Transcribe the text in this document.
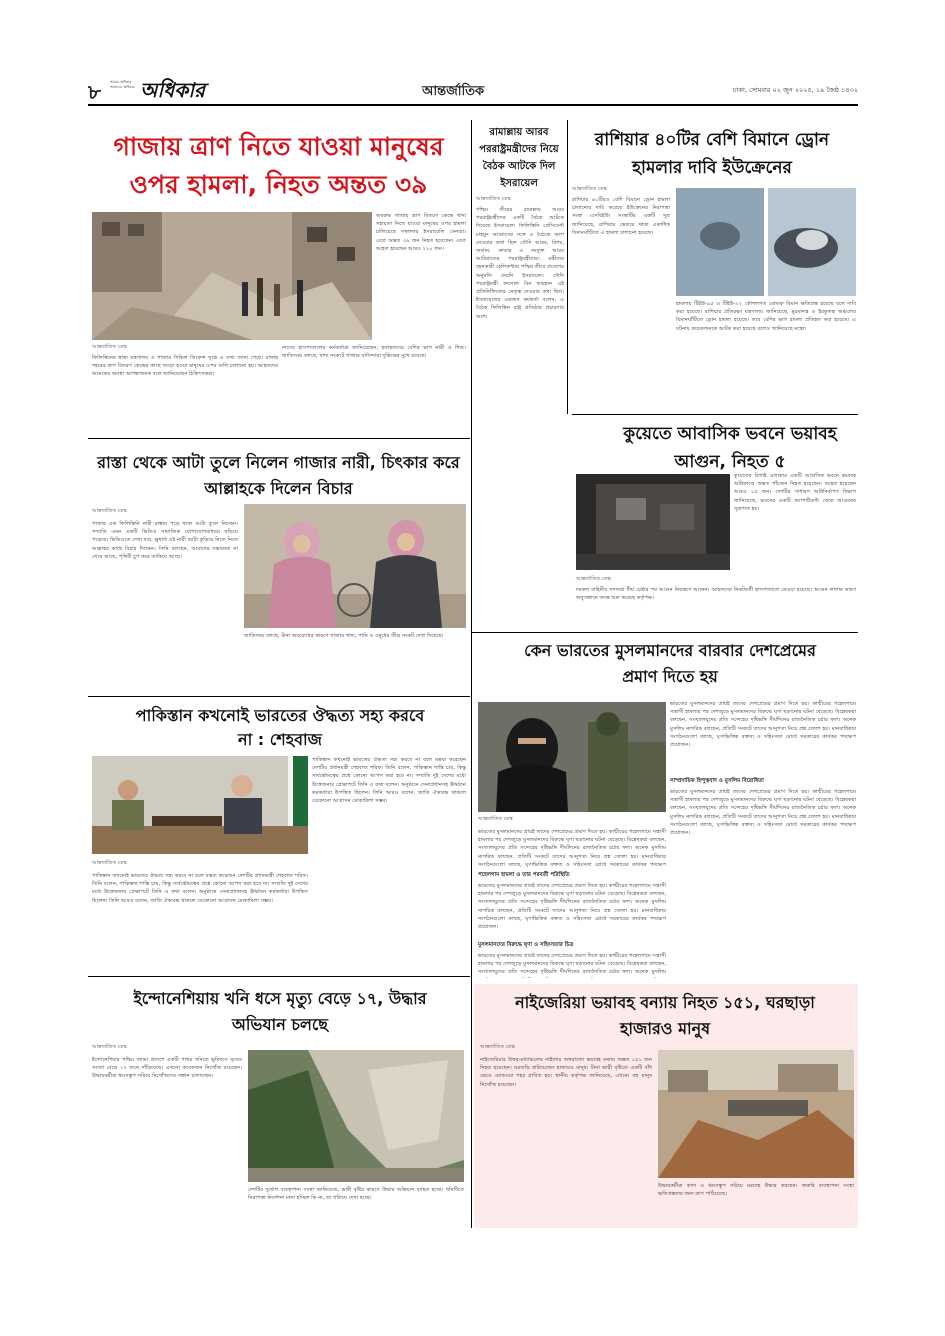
৮	আমার অধিকার আমাদের অধিকার অধিকার	আন্তর্জাতিক	ঢাকা, সোমবার ০২ জুন ২০২৫, ১৯ জৈষ্ঠ ১৪৩২
গাজায় ত্রাণ নিতে যাওয়া মানুষের ওপর হামলা, নিহত অন্তত ৩৯
অবরুদ্ধ গাজায় ত্রাণ বিতরণ কেন্দ্রে খাদ্য সহায়তা নিতে যাওয়া মানুষের ওপর হামলা চালিয়েছে দখলদার ইসরায়েলি সেনারা। এতে অন্তত ৩৯ জন নিহত হয়েছেন। এতে আহত হয়েছেন আরও ২২০ জন।
আন্তর্জাতিক ডেস্ক
ফিলিস্তিনের স্বাস্থ্য মন্ত্রণালয় ও গাজার সিভিল ডিফেন্স সূত্রে এ তথ্য জানা গেছে। রাফাহ শহরের ত্রাণ বিতরণ কেন্দ্রের কাছে জড়ো হওয়া মানুষের ওপর গুলি চালানো হয়। আহতদের অনেকের অবস্থা আশঙ্কাজনক বলে জানিয়েছেন চিকিৎসকরা।
নাসের হাসপাতালের কর্মকর্তারা জানিয়েছেন, হতাহতদের বেশির ভাগ নারী ও শিশু। জাতিসংঘ বলছে, খাদ্য সংকটে গাজার বাসিন্দারা দুর্ভিক্ষের মুখে রয়েছে।
রাস্তা থেকে আটা তুলে নিলেন গাজার নারী, চিৎকার করে আল্লাহকে দিলেন বিচার
আন্তর্জাতিক ডেস্ক
গাজার এক ফিলিস্তিনি নারী রাস্তায় পড়ে থাকা আটা তুলে নিচ্ছেন। সম্প্রতি এমন একটি ভিডিও সামাজিক যোগাযোগমাধ্যমে ছড়িয়ে পড়েছে। ভিডিওতে দেখা যায়, ক্ষুধার্ত ওই নারী আটা কুড়িয়ে নিতে নিতে আল্লাহর কাছে বিচার দিচ্ছেন। তিনি বলছেন, আমাদের সন্তানেরা না খেয়ে আছে, পৃথিবী চুপ করে তাকিয়ে আছে।
জাতিসংঘ বলছে, টানা অবরোধের কারণে গাজায় খাদ্য, পানি ও ওষুধের তীব্র সংকট দেখা দিয়েছে।
পাকিস্তান কখনোই ভারতের ঔদ্ধত্য সহ্য করবে না : শেহবাজ
আন্তর্জাতিক ডেস্ক
পাকিস্তান কখনোই ভারতের ঔদ্ধত্য সহ্য করবে না বলে মন্তব্য করেছেন দেশটির প্রধানমন্ত্রী শেহবাজ শরিফ। তিনি বলেন, পাকিস্তান শান্তি চায়, কিন্তু সার্বভৌমত্বের প্রশ্নে কোনো আপস করা হবে না। সম্প্রতি দুই দেশের মধ্যে উত্তেজনার প্রেক্ষাপটে তিনি এ কথা বলেন। অনুষ্ঠানে সেনাপ্রধানসহ ঊর্ধ্বতন কর্মকর্তারা উপস্থিত ছিলেন। তিনি আরও বলেন, জাতি ঐক্যবদ্ধ থাকলে যেকোনো আগ্রাসন মোকাবিলা সম্ভব।
পাকিস্তান কখনোই ভারতের ঔদ্ধত্য সহ্য করবে না বলে মন্তব্য করেছেন দেশটির প্রধানমন্ত্রী শেহবাজ শরিফ। তিনি বলেন, পাকিস্তান শান্তি চায়, কিন্তু সার্বভৌমত্বের প্রশ্নে কোনো আপস করা হবে না। সম্প্রতি দুই দেশের মধ্যে উত্তেজনার প্রেক্ষাপটে তিনি এ কথা বলেন। অনুষ্ঠানে সেনাপ্রধানসহ ঊর্ধ্বতন কর্মকর্তারা উপস্থিত ছিলেন। তিনি আরও বলেন, জাতি ঐক্যবদ্ধ থাকলে যেকোনো আগ্রাসন মোকাবিলা সম্ভব।
রামাল্লায় আরব পররাষ্ট্রমন্ত্রীদের নিয়ে বৈঠক আটকে দিল ইসরায়েল
আন্তর্জাতিক ডেস্ক
পশ্চিম তীরের রামাল্লায় আরব পররাষ্ট্রমন্ত্রীদের একটি বৈঠক আটকে দিয়েছে ইসরায়েল। ফিলিস্তিনি প্রেসিডেন্ট মাহমুদ আব্বাসের সঙ্গে এ বৈঠকে অংশ নেওয়ার কথা ছিল সৌদি আরব, মিশর, জর্ডান, কাতার ও সংযুক্ত আরব আমিরাতের পররাষ্ট্রমন্ত্রীদের। মন্ত্রীদের বহনকারী হেলিকপ্টার পশ্চিম তীরে প্রবেশের অনুমতি দেয়নি ইসরায়েল। সৌদি পররাষ্ট্রমন্ত্রী ফয়সাল বিন ফারহান এই প্রতিনিধিদলের নেতৃত্ব দেওয়ার কথা ছিল। ইসরায়েলের একজন কর্মকর্তা বলেন, এ বৈঠক ফিলিস্তিন রাষ্ট্র প্রতিষ্ঠার প্রচারণার অংশ।
রাশিয়ার ৪০টির বেশি বিমানে ড্রোন হামলার দাবি ইউক্রেনের
আন্তর্জাতিক ডেস্ক
রাশিয়ার ৪০টিরও বেশি বিমানে ড্রোন হামলা চালানোর দাবি করেছে ইউক্রেনের নিরাপত্তা সংস্থা এসবিইউ। সংস্থাটির একটি সূত্র জানিয়েছে, রাশিয়ার ভেতরে থাকা একাধিক বিমানঘাঁটিতে এ হামলা চালানো হয়েছে।
হামলায় টিইউ-৯৫ ও টিইউ-২২ কৌশলগত বোমারু বিমান ক্ষতিগ্রস্ত হয়েছে বলে দাবি করা হয়েছে। রাশিয়ার প্রতিরক্ষা মন্ত্রণালয় জানিয়েছে, মুরমানস্ক ও ইরকুতস্ক অঞ্চলের বিমানঘাঁটিতে ড্রোন হামলা হয়েছে। তবে বেশির ভাগ হামলা প্রতিহত করা হয়েছে। এ ঘটনায় কয়েকজনকে আটক করা হয়েছে বলেও জানিয়েছে মস্কো।
কুয়েতে আবাসিক ভবনে ভয়াবহ আগুন, নিহত ৫
কুয়েতের রিগাই এলাকার একটি আবাসিক ভবনে ভয়াবহ অগ্নিকাণ্ডে অন্তত পাঁচজন নিহত হয়েছেন। আহত হয়েছেন আরও ১৫ জন। দেশটির সাধারণ অগ্নিনির্বাপণ বিভাগ জানিয়েছে, ভবনের একটি অ্যাপার্টমেন্ট থেকে আগুনের সূত্রপাত হয়।
আন্তর্জাতিক ডেস্ক
দমকল বাহিনীর সদস্যরা দীর্ঘ চেষ্টার পর আগুন নিয়ন্ত্রণে আনেন। আহতদের নিকটবর্তী হাসপাতালে নেওয়া হয়েছে। আগুন লাগার কারণ অনুসন্ধানে তদন্ত শুরু করেছে কর্তৃপক্ষ।
কেন ভারতের মুসলমানদের বারবার দেশপ্রেমের প্রমাণ দিতে হয়
ভারতের মুসলমানদের প্রায়ই তাদের দেশপ্রেমের প্রমাণ দিতে হয়। কাশ্মীরের পহেলগামে সন্ত্রাসী হামলার পর দেশজুড়ে মুসলমানদের বিরুদ্ধে ঘৃণা ছড়ানোর ঘটনা বেড়েছে। বিশ্লেষকরা বলছেন, সংখ্যালঘুদের প্রতি সন্দেহের দৃষ্টিভঙ্গি দীর্ঘদিনের রাজনৈতিক চর্চার ফল। অনেক মুসলিম নাগরিক বলছেন, প্রতিটি সংকটে তাদের আনুগত্য নিয়ে প্রশ্ন তোলা হয়। মানবাধিকার সংগঠনগুলো বলছে, ঘৃণাভিত্তিক বক্তব্য ও সহিংসতা রোধে সরকারের কার্যকর পদক্ষেপ প্রয়োজন।
সাম্প্রদায়িক হিন্দুত্ববাদ ও মুসলিম বিরোধিতা
ভারতের মুসলমানদের প্রায়ই তাদের দেশপ্রেমের প্রমাণ দিতে হয়। কাশ্মীরের পহেলগামে সন্ত্রাসী হামলার পর দেশজুড়ে মুসলমানদের বিরুদ্ধে ঘৃণা ছড়ানোর ঘটনা বেড়েছে। বিশ্লেষকরা বলছেন, সংখ্যালঘুদের প্রতি সন্দেহের দৃষ্টিভঙ্গি দীর্ঘদিনের রাজনৈতিক চর্চার ফল। অনেক মুসলিম নাগরিক বলছেন, প্রতিটি সংকটে তাদের আনুগত্য নিয়ে প্রশ্ন তোলা হয়। মানবাধিকার সংগঠনগুলো বলছে, ঘৃণাভিত্তিক বক্তব্য ও সহিংসতা রোধে সরকারের কার্যকর পদক্ষেপ প্রয়োজন।
আন্তর্জাতিক ডেস্ক
ভারতের মুসলমানদের প্রায়ই তাদের দেশপ্রেমের প্রমাণ দিতে হয়। কাশ্মীরের পহেলগামে সন্ত্রাসী হামলার পর দেশজুড়ে মুসলমানদের বিরুদ্ধে ঘৃণা ছড়ানোর ঘটনা বেড়েছে। বিশ্লেষকরা বলছেন, সংখ্যালঘুদের প্রতি সন্দেহের দৃষ্টিভঙ্গি দীর্ঘদিনের রাজনৈতিক চর্চার ফল। অনেক মুসলিম নাগরিক বলছেন, প্রতিটি সংকটে তাদের আনুগত্য নিয়ে প্রশ্ন তোলা হয়। মানবাধিকার সংগঠনগুলো বলছে, ঘৃণাভিত্তিক বক্তব্য ও সহিংসতা রোধে সরকারের কার্যকর পদক্ষেপ
পহেলগাম হামলা ও তার পরবর্তী পরিস্থিতি
ভারতের মুসলমানদের প্রায়ই তাদের দেশপ্রেমের প্রমাণ দিতে হয়। কাশ্মীরের পহেলগামে সন্ত্রাসী হামলার পর দেশজুড়ে মুসলমানদের বিরুদ্ধে ঘৃণা ছড়ানোর ঘটনা বেড়েছে। বিশ্লেষকরা বলছেন, সংখ্যালঘুদের প্রতি সন্দেহের দৃষ্টিভঙ্গি দীর্ঘদিনের রাজনৈতিক চর্চার ফল। অনেক মুসলিম নাগরিক বলছেন, প্রতিটি সংকটে তাদের আনুগত্য নিয়ে প্রশ্ন তোলা হয়। মানবাধিকার সংগঠনগুলো বলছে, ঘৃণাভিত্তিক বক্তব্য ও সহিংসতা রোধে সরকারের কার্যকর পদক্ষেপ প্রয়োজন।
মুসলমানদের বিরুদ্ধে ঘৃণা ও সহিংসতার চিত্র
ভারতের মুসলমানদের প্রায়ই তাদের দেশপ্রেমের প্রমাণ দিতে হয়। কাশ্মীরের পহেলগামে সন্ত্রাসী হামলার পর দেশজুড়ে মুসলমানদের বিরুদ্ধে ঘৃণা ছড়ানোর ঘটনা বেড়েছে। বিশ্লেষকরা বলছেন, সংখ্যালঘুদের প্রতি সন্দেহের দৃষ্টিভঙ্গি দীর্ঘদিনের রাজনৈতিক চর্চার ফল। অনেক মুসলিম
ইন্দোনেশিয়ায় খনি ধসে মৃত্যু বেড়ে ১৭, উদ্ধার অভিযান চলছে
আন্তর্জাতিক ডেস্ক
ইন্দোনেশিয়ার পশ্চিম জাভা প্রদেশে একটি পাথর খনিতে ভূমিধসে মৃতের সংখ্যা বেড়ে ১৭ জনে দাঁড়িয়েছে। এখনো কয়েকজন নিখোঁজ রয়েছেন। উদ্ধারকর্মীরা ধ্বংসস্তূপ সরিয়ে নিখোঁজদের সন্ধান চালাচ্ছেন।
দেশটির দুর্যোগ ব্যবস্থাপনা সংস্থা জানিয়েছে, ভারী বৃষ্টির কারণে উদ্ধার অভিযান ব্যাহত হচ্ছে। খনিটিতে নিরাপত্তা নির্দেশনা মানা হচ্ছিল কি না, তা খতিয়ে দেখা হচ্ছে।
নাইজেরিয়া ভয়াবহ বন্যায় নিহত ১৫১, ঘরছাড়া হাজারও মানুষ
আন্তর্জাতিক ডেস্ক
নাইজেরিয়ার উত্তর-মধ্যাঞ্চলের নাইজার অঙ্গরাজ্যে ভয়াবহ বন্যায় অন্তত ১৫১ জন নিহত হয়েছেন। ঘরবাড়ি হারিয়েছেন হাজারও মানুষ। টানা ভারী বৃষ্টিতে একটি বাঁধ ভেঙে মোকওয়া শহর প্লাবিত হয়। স্থানীয় কর্তৃপক্ষ জানিয়েছে, এখনো বহু মানুষ নিখোঁজ রয়েছেন।
উদ্ধারকর্মীরা কাদা ও ধ্বংসস্তূপ সরিয়ে মরদেহ উদ্ধার করছেন। জরুরি ব্যবস্থাপনা সংস্থা ক্ষতিগ্রস্তদের জন্য ত্রাণ পাঠিয়েছে।
